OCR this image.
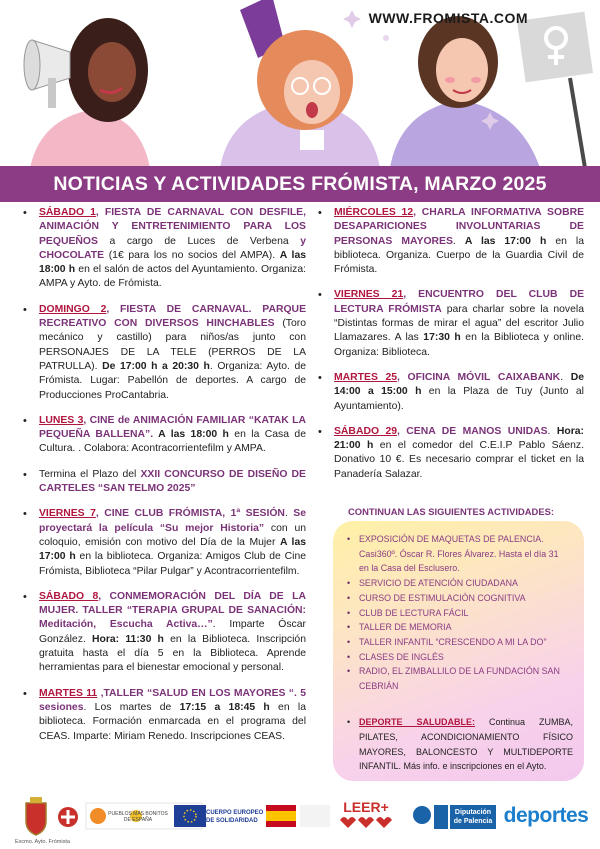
WWW.FROMISTA.COM
NOTICIAS Y ACTIVIDADES FRÓMISTA, MARZO 2025
•	SÁBADO 1, FIESTA DE CARNAVAL CON DESFILE, ANIMACIÓN Y ENTRETENIMIENTO PARA LOS PEQUEÑOS a cargo de Luces de Verbena y CHOCOLATE (1€ para los no socios del AMPA). A las 18:00 h en el salón de actos del Ayuntamiento. Organiza: AMPA y Ayto. de Frómista.
•	DOMINGO 2, FIESTA DE CARNAVAL. PARQUE RECREATIVO CON DIVERSOS HINCHABLES (Toro mecánico y castillo) para niños/as junto con PERSONAJES DE LA TELE (PERROS DE LA PATRULLA). De 17:00 h a 20:30 h. Organiza: Ayto. de Frómista. Lugar: Pabellón de deportes. A cargo de Producciones ProCantabria.
•	LUNES 3, CINE de ANIMACIÓN FAMILIAR “KATAK LA PEQUEÑA BALLENA”. A las 18:00 h en la Casa de Cultura. . Colabora: Acontracorrientefilm y AMPA.
•	Termina el Plazo del XXII CONCURSO DE DISEÑO DE CARTELES “SAN TELMO 2025”
•	VIERNES 7, CINE CLUB FRÓMISTA, 1ª SESIÓN. Se proyectará la película “Su mejor Historia” con un coloquio, emisión con motivo del Día de la Mujer A las 17:00 h en la biblioteca. Organiza: Amigos Club de Cine Frómista, Biblioteca “Pilar Pulgar” y Acontracorrientefilm.
•	SÁBADO 8, CONMEMORACIÓN DEL DÍA DE LA MUJER. TALLER “TERAPIA GRUPAL DE SANACIÓN: Meditación, Escucha Activa…”. Imparte Óscar González. Hora: 11:30 h en la Biblioteca. Inscripción gratuita hasta el día 5 en la Biblioteca. Aprende herramientas para el bienestar emocional y personal.
•	MARTES 11 ,TALLER “SALUD EN LOS MAYORES “. 5 sesiones. Los martes de 17:15 a 18:45 h en la biblioteca. Formación enmarcada en el programa del CEAS. Imparte: Miriam Renedo. Inscripciones CEAS.
•	MIÉRCOLES 12, CHARLA INFORMATIVA SOBRE DESAPARICIONES INVOLUNTARIAS DE PERSONAS MAYORES. A las 17:00 h en la biblioteca. Organiza. Cuerpo de la Guardia Civil de Frómista.
•	VIERNES 21, ENCUENTRO DEL CLUB DE LECTURA FRÓMISTA para charlar sobre la novela “Distintas formas de mirar el agua” del escritor Julio Llamazares. A las 17:30 h en la Biblioteca y online. Organiza: Biblioteca.
•	MARTES 25, OFICINA MÓVIL CAIXABANK. De 14:00 a 15:00 h en la Plaza de Tuy (Junto al Ayuntamiento).
•	SÁBADO 29, CENA DE MANOS UNIDAS. Hora: 21:00 h en el comedor del C.E.I.P Pablo Sáenz. Donativo 10 €. Es necesario comprar el ticket en la Panadería Salazar.
CONTINUAN LAS SIGUIENTES ACTIVIDADES:
• EXPOSICIÓN DE MAQUETAS DE PALENCIA. Casi360º. Óscar R. Flores Álvarez. Hasta el día 31 en la Casa del Esclusero.
• SERVICIO DE ATENCIÓN CIUDADANA
• CURSO DE ESTIMULACIÓN COGNITIVA
• CLUB DE LECTURA FÁCIL
• TALLER DE MEMORIA
• TALLER INFANTIL “CRESCENDO A MI LA DO”
• CLASES DE INGLÉS
• RADIO, EL ZIMBALLILO DE LA FUNDACIÓN SAN CEBRIÁN
• DEPORTE SALUDABLE: Continua ZUMBA, PILATES, ACONDICIONAMIENTO FÍSICO MAYORES, BALONCESTO Y MULTIDEPORTE INFANTIL. Más info. e inscripciones en el Ayto.
PUEBLOS MÁS BONITOS DE ESPAÑA
CUERPO EUROPEO DE SOLIDARIDAD
LEER+	Diputación de Palencia deportes
Excmo. Ayto. Frómista
